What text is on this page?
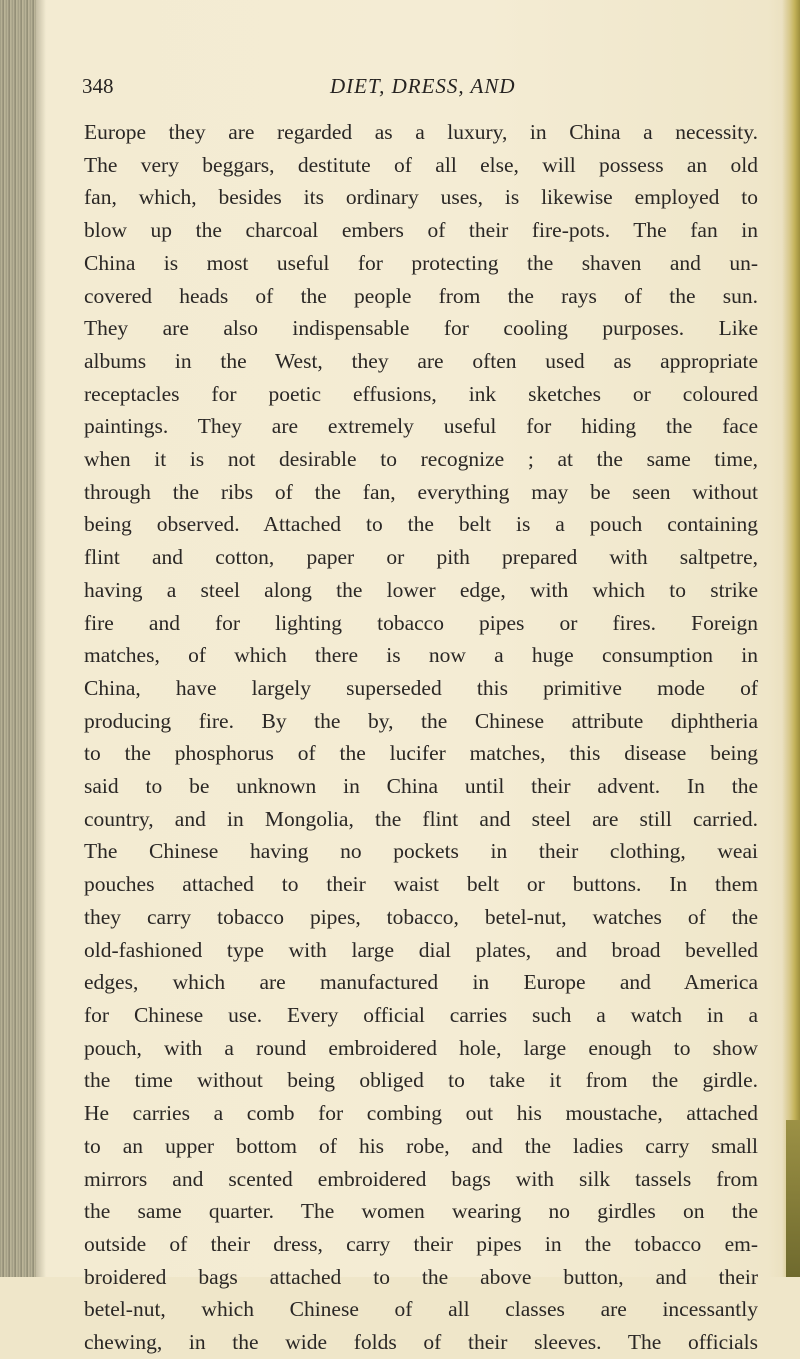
348	DIET, DRESS, AND
Europe they are regarded as a luxury, in China a necessity.
The very beggars, destitute of all else, will possess an old
fan, which, besides its ordinary uses, is likewise employed to
blow up the charcoal embers of their fire-pots. The fan in
China is most useful for protecting the shaven and un-
covered heads of the people from the rays of the sun.
They are also indispensable for cooling purposes. Like
albums in the West, they are often used as appropriate
receptacles for poetic effusions, ink sketches or coloured
paintings. They are extremely useful for hiding the face
when it is not desirable to recognize ; at the same time,
through the ribs of the fan, everything may be seen without
being observed. Attached to the belt is a pouch containing
flint and cotton, paper or pith prepared with saltpetre,
having a steel along the lower edge, with which to strike
fire and for lighting tobacco pipes or fires. Foreign
matches, of which there is now a huge consumption in
China, have largely superseded this primitive mode of
producing fire. By the by, the Chinese attribute diphtheria
to the phosphorus of the lucifer matches, this disease being
said to be unknown in China until their advent. In the
country, and in Mongolia, the flint and steel are still carried.
The Chinese having no pockets in their clothing, weai
pouches attached to their waist belt or buttons. In them
they carry tobacco pipes, tobacco, betel-nut, watches of the
old-fashioned type with large dial plates, and broad bevelled
edges, which are manufactured in Europe and America
for Chinese use. Every official carries such a watch in a
pouch, with a round embroidered hole, large enough to show
the time without being obliged to take it from the girdle.
He carries a comb for combing out his moustache, attached
to an upper bottom of his robe, and the ladies carry small
mirrors and scented embroidered bags with silk tassels from
the same quarter. The women wearing no girdles on the
outside of their dress, carry their pipes in the tobacco em-
broidered bags attached to the above button, and their
betel-nut, which Chinese of all classes are incessantly
chewing, in the wide folds of their sleeves. The officials
